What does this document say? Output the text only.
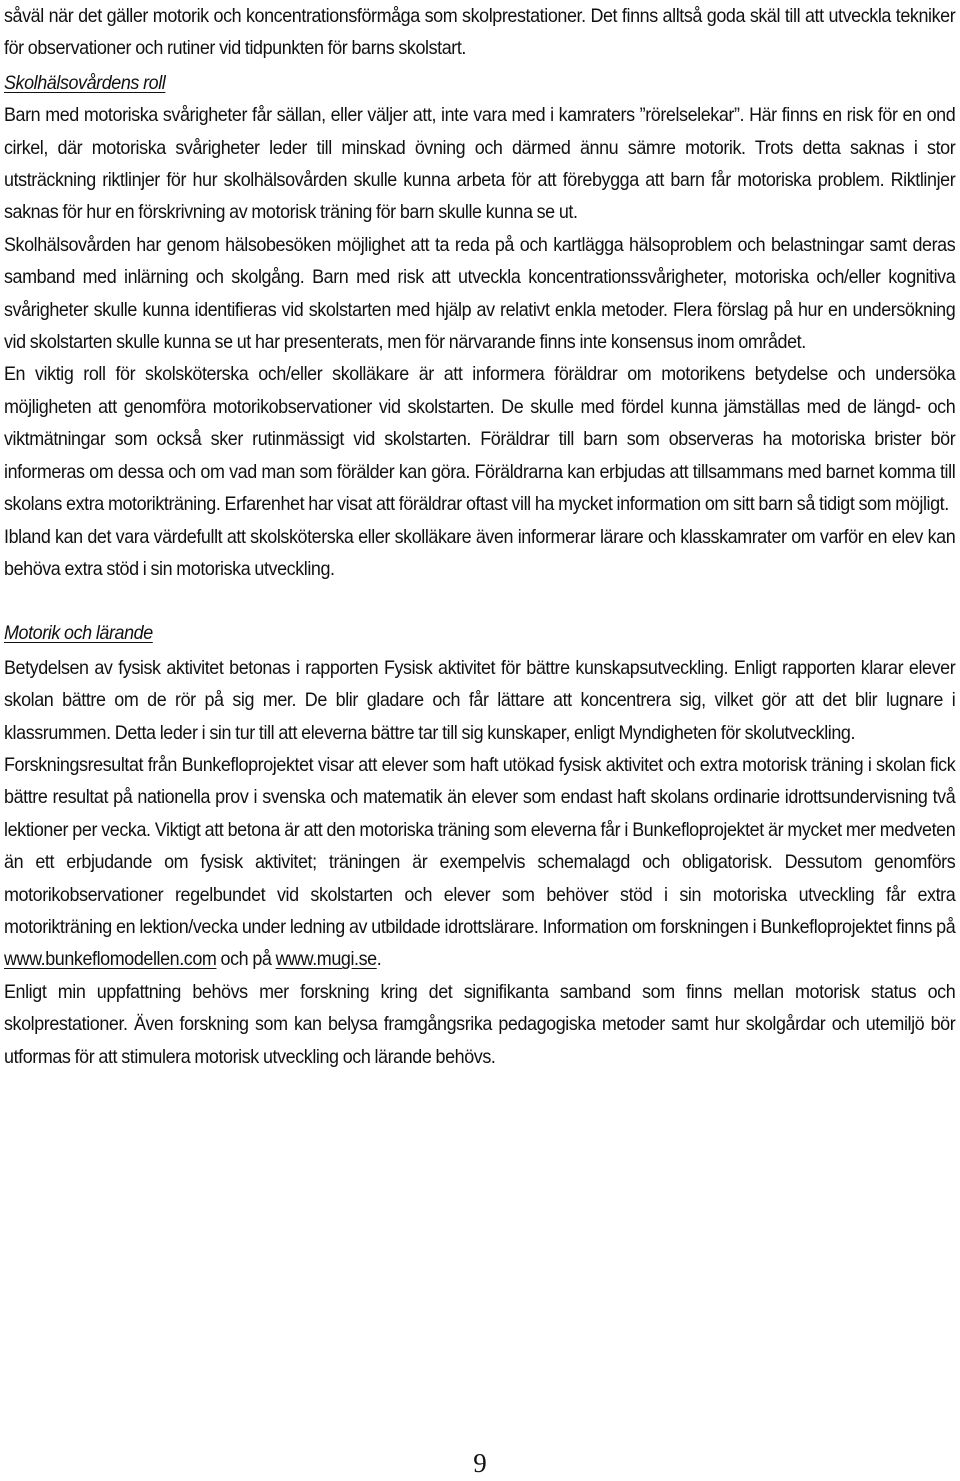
såväl när det gäller motorik och koncentrationsförmåga som skolprestationer. Det finns alltså goda skäl till att utveckla tekniker för observationer och rutiner vid tidpunkten för barns skolstart.

Skolhälsovårdens roll

Barn med motoriska svårigheter får sällan, eller väljer att, inte vara med i kamraters ”rörelselekar”. Här finns en risk för en ond cirkel, där motoriska svårigheter leder till minskad övning och därmed ännu sämre motorik. Trots detta saknas i stor utsträckning riktlinjer för hur skolhälsovården skulle kunna arbeta för att förebygga att barn får motoriska problem. Riktlinjer saknas för hur en förskrivning av motorisk träning för barn skulle kunna se ut.

Skolhälsovården har genom hälsobesöken möjlighet att ta reda på och kartlägga hälsoproblem och belastningar samt deras samband med inlärning och skolgång. Barn med risk att utveckla koncentrationssvårigheter, motoriska och/eller kognitiva svårigheter skulle kunna identifieras vid skolstarten med hjälp av relativt enkla metoder. Flera förslag på hur en undersökning vid skolstarten skulle kunna se ut har presenterats, men för närvarande finns inte konsensus inom området.

En viktig roll för skolsköterska och/eller skolläkare är att informera föräldrar om motorikens betydelse och undersöka möjligheten att genomföra motorikobservationer vid skolstarten. De skulle med fördel kunna jämställas med de längd- och viktmätningar som också sker rutinmässigt vid skolstarten. Föräldrar till barn som observeras ha motoriska brister bör informeras om dessa och om vad man som förälder kan göra. Föräldrarna kan erbjudas att tillsammans med barnet komma till skolans extra motorikträning. Erfarenhet har visat att föräldrar oftast vill ha mycket information om sitt barn så tidigt som möjligt.

Ibland kan det vara värdefullt att skolsköterska eller skolläkare även informerar lärare och klasskamrater om varför en elev kan behöva extra stöd i sin motoriska utveckling.

Motorik och lärande

Betydelsen av fysisk aktivitet betonas i rapporten Fysisk aktivitet för bättre kunskapsutveckling. Enligt rapporten klarar elever skolan bättre om de rör på sig mer. De blir gladare och får lättare att koncentrera sig, vilket gör att det blir lugnare i klassrummen. Detta leder i sin tur till att eleverna bättre tar till sig kunskaper, enligt Myndigheten för skolutveckling.

Forskningsresultat från Bunkefloprojektet visar att elever som haft utökad fysisk aktivitet och extra motorisk träning i skolan fick bättre resultat på nationella prov i svenska och matematik än elever som endast haft skolans ordinarie idrottsundervisning två lektioner per vecka. Viktigt att betona är att den motoriska träning som eleverna får i Bunkefloprojektet är mycket mer medveten än ett erbjudande om fysisk aktivitet; träningen är exempelvis schemalagd och obligatorisk. Dessutom genomförs motorikobservationer regelbundet vid skolstarten och elever som behöver stöd i sin motoriska utveckling får extra motorikträning en lektion/vecka under ledning av utbildade idrottslärare. Information om forskningen i Bunkefloprojektet finns på www.bunkeflomodellen.com och på www.mugi.se.

Enligt min uppfattning behövs mer forskning kring det signifikanta samband som finns mellan motorisk status och skolprestationer. Även forskning som kan belysa framgångsrika pedagogiska metoder samt hur skolgårdar och utemiljö bör utformas för att stimulera motorisk utveckling och lärande behövs.

9
